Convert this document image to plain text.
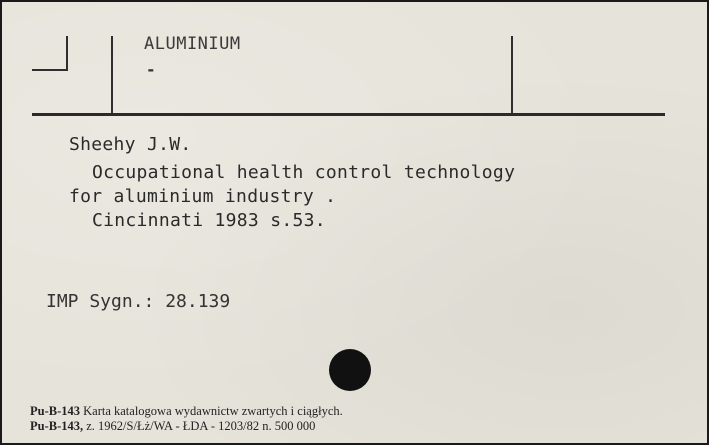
ALUMINIUM
-
Sheehy J.W.
Occupational health control technology
for aluminium industry .
Cincinnati 1983 s.53.
IMP Sygn.: 28.139
Pu-B-143 Karta katalogowa wydawnictw zwartych i ciągłych.
Pu-B-143, z. 1962/S/Łż/WA - ŁDA - 1203/82 n. 500 000
